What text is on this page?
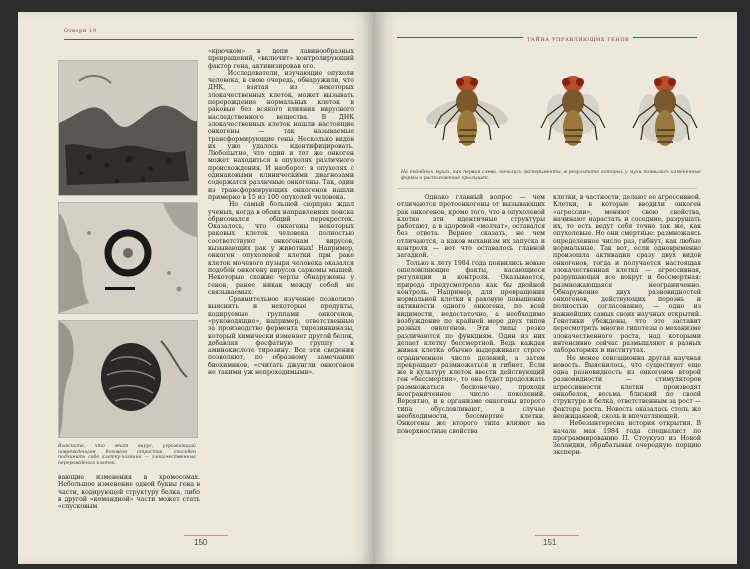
Отвори 19
Выясните, что этот вирус, угрожающий повреждениям бокового отростка, способен подчинить себе клетку-хозяина — злокачественные перерождения клеток.
вающие изменения в хромосомах. Небольшое изменение одной буквы гена в части, кодирующей структуру белка, либо в другой «командной» части может стать «спусковым
«крючком» в цепи лавинообразных превращений, «включит» контролирующий фактор гена, активизировав его.
Исследователи, изучающие опухоли человека, в свою очередь, обнаружили, что ДНК, взятая из некоторых злокачественных клеток, может вызывать перерождение нормальных клеток в раковые без всякого влияния вирусного наследственного вещества. В ДНК злокачественных клеток нашли настоящие онкогены — так называемые трансформирующие гены. Несколько видов их уже удалось идентифицировать. Любопытно, что один и тот же онкоген может находиться в опухолях различного происхождения. И наоборот: в опухолях с одинаковыми клиническими диагнозами содержатся различные онкогены. Так, один из трансформирующих онкогенов нашли примерно в 15 из 100 опухолей человека.
Но самый большой сюрприз ждал ученых, когда в обоих направлениях поиска обрисовался общий перекресток. Оказалось, что онкогены некоторых раковых клеток человека полностью соответствуют онкогенам вирусов, вызывающих рак у животных! Например, онкоген опухолевой клетки при раке клеток мочевого пузыря человека оказался подобен онкогену вирусов саркомы мышей. Некоторые схожие черты обнаружены у генов, ранее никак между собой не связываемых.
Сравнительное изучение позволило выяснить и некоторые продукты, кодируемые группами онкогенов, «руководящие», например, ответственные за производство фермента тирозинкиназы, который химически изменяет другой белок, добавляя фосфатную группу к аминокислоте тирозину. Все эти сведения позволяют, по образному замечанию биохимиков, «считать джунгли онкогенов не такими уж непроходимыми».
150
ТАЙНА УПРАВЛЯЮЩИХ ГЕНОВ
На подобных мухах, как первая слева, начались эксперименты, в результате которых у мухи появились измененные формы и расположение крылышек.
Однако главный вопрос — чем отличаются протоонкогены от вызывающих рак онкогенов, кроме того, что в опухолевой клетке эти идентичные структуры работают, а в здоровой «молчат», оставался без ответа. Вернее сказать, не чем отличаются, а каков механизм их запуска и контроля — вот что оставалось главной загадкой.
Только к лету 1984 года появились новые ошеломляющие факты, касающиеся регуляции и контроля. Оказывается, природа предусмотрела как бы двойной контроль. Например, для превращения нормальной клетки в раковую повышение активности одного онкогена, по всей видимости, недостаточно, а необходимо возбуждение по крайней мере двух типов разных онкогенов. Эти типы резко различаются по функциям. Один из них делает клетку бессмертной. Ведь каждая живая клетка обычно выдерживает строго ограниченное число делений, а затем прекращает размножаться и гибнет. Если же в культуру клеток ввести действующий ген «бессмертия», то она будет продолжать размножаться бесконечно, проходя неограниченное число поколений. Вероятно, и в организме онкогены второго типа обусловливают, в случае необходимости, бессмертие клетки. Онкогены же второго типа влияют на поверхностные свойства
клетки, в частности, делают ее агрессивной. Клетки, в которые вводили онкоген «агрессии», меняют свою свойства, начинают нарастать и соседние, разрушать их, то есть ведут себя точно так же, как опухолевые. Но они смертные: размножаясь определенное число раз, гибнут, как любые нормальные. Так вот, если одновременно произошла активация сразу двух видов онкогенов, тогда и получается настоящая злокачественная клетка — агрессивная, разрушающая все вокруг и бессмертная: размножающаяся неограниченно. Обнаружение двух разновидностей онкогенов, действующих порознь и полностью согласованно, — одно из важнейших самых своих научных открытий. Генетики убеждены, что это заставит пересмотреть многие гипотезы о механизме злокачественного роста, над которыми интенсивно сейчас размышляют в разных лабораториях и институтах.
Не менее сенсационна другая научная новость. Выяснилось, что существует еще одна разновидность из онкогенов второй разновидности — стимуляторов агрессивности клетки производят онкобелок, весьма близкий по своей структуре и белка, ответственным за рост — фактора роста. Новость оказалась столь же неожиданной, сколь и впечатляющей.
Небезынтересна история открытия. В начале мая 1984 года специалист по программированию П. Стоукуэл из Новой Зеландии, обрабатывая очередную порцию экспери-
151
